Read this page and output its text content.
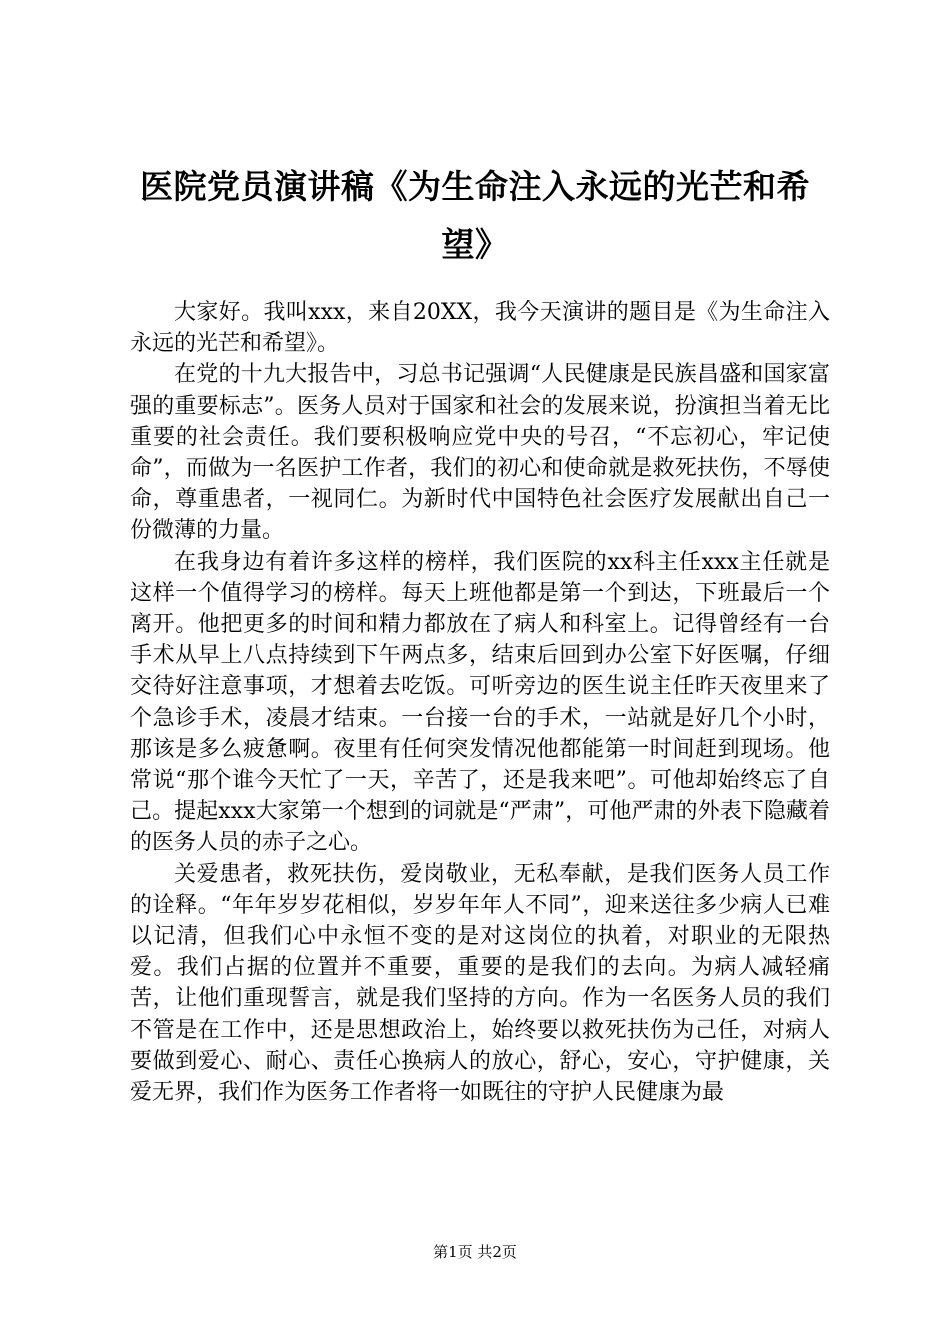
医院党员演讲稿《为生命注入永远的光芒和希望》

大家好。我叫xxx，来自20XX，我今天演讲的题目是《为生命注入永远的光芒和希望》。

在党的十九大报告中，习总书记强调“人民健康是民族昌盛和国家富强的重要标志”。医务人员对于国家和社会的发展来说，扮演担当着无比重要的社会责任。我们要积极响应党中央的号召，“不忘初心，牢记使命”，而做为一名医护工作者，我们的初心和使命就是救死扶伤，不辱使命，尊重患者，一视同仁。为新时代中国特色社会医疗发展献出自己一份微薄的力量。

在我身边有着许多这样的榜样，我们医院的xx科主任xxx主任就是这样一个值得学习的榜样。每天上班他都是第一个到达，下班最后一个离开。他把更多的时间和精力都放在了病人和科室上。记得曾经有一台手术从早上八点持续到下午两点多，结束后回到办公室下好医嘱，仔细交待好注意事项，才想着去吃饭。可听旁边的医生说主任昨天夜里来了个急诊手术，凌晨才结束。一台接一台的手术，一站就是好几个小时，那该是多么疲惫啊。夜里有任何突发情况他都能第一时间赶到现场。他常说“那个谁今天忙了一天，辛苦了，还是我来吧”。可他却始终忘了自己。提起xxx大家第一个想到的词就是“严肃”，可他严肃的外表下隐藏着的医务人员的赤子之心。

关爱患者，救死扶伤，爱岗敬业，无私奉献，是我们医务人员工作的诠释。“年年岁岁花相似，岁岁年年人不同”，迎来送往多少病人已难以记清，但我们心中永恒不变的是对这岗位的执着，对职业的无限热爱。我们占据的位置并不重要，重要的是我们的去向。为病人减轻痛苦，让他们重现誓言，就是我们坚持的方向。作为一名医务人员的我们不管是在工作中，还是思想政治上，始终要以救死扶伤为己任，对病人要做到爱心、耐心、责任心换病人的放心，舒心，安心，守护健康，关爱无界，我们作为医务工作者将一如既往的守护人民健康为最

第1页 共2页
